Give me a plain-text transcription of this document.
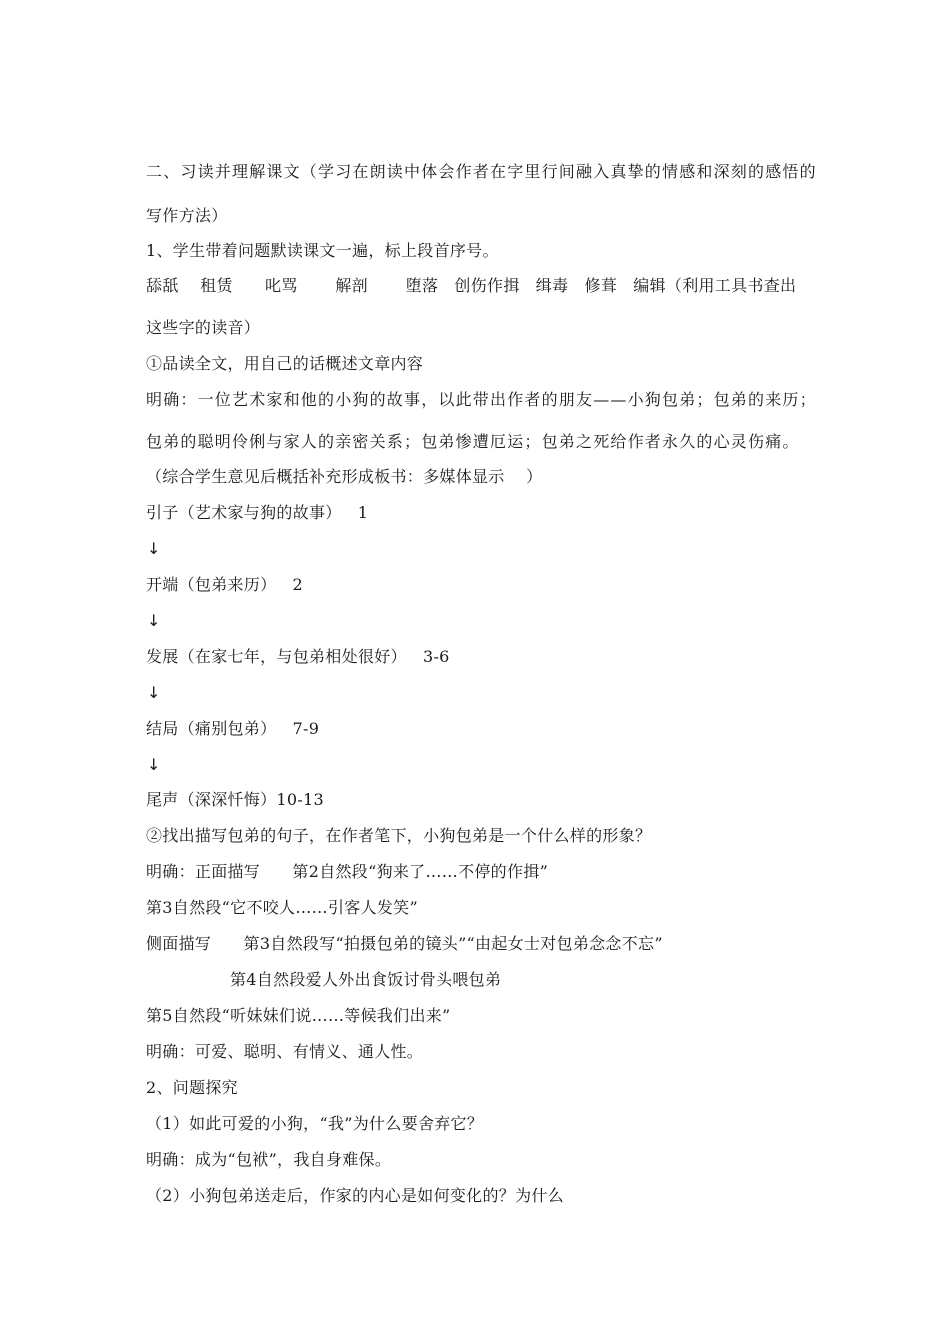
二、习读并理解课文（学习在朗读中体会作者在字里行间融入真挚的情感和深刻的感悟的
写作方法）
1、学生带着问题默读课文一遍，标上段首序号。
舔舐    租赁      叱骂       解剖       堕落   创伤作揖   缉毒   修葺   编辑（利用工具书查出
这些字的读音）
①品读全文，用自己的话概述文章内容
明确：一位艺术家和他的小狗的故事，以此带出作者的朋友——小狗包弟；包弟的来历；
包弟的聪明伶俐与家人的亲密关系；包弟惨遭厄运；包弟之死给作者永久的心灵伤痛。
（综合学生意见后概括补充形成板书：多媒体显示    ）
引子（艺术家与狗的故事）   1
↓
开端（包弟来历）   2
↓
发展（在家七年，与包弟相处很好）   3-6
↓
结局（痛别包弟）   7-9
↓
尾声（深深忏悔）10-13
②找出描写包弟的句子，在作者笔下，小狗包弟是一个什么样的形象？
明确：正面描写      第2自然段“狗来了……不停的作揖”
第3自然段“它不咬人……引客人发笑”
侧面描写      第3自然段写“拍摄包弟的镜头”“由起女士对包弟念念不忘”
第4自然段爱人外出食饭讨骨头喂包弟
第5自然段“听妹妹们说……等候我们出来”
明确：可爱、聪明、有情义、通人性。
2、问题探究
（1）如此可爱的小狗，“我”为什么要舍弃它？
明确：成为“包袱”，我自身难保。
（2）小狗包弟送走后，作家的内心是如何变化的？为什么
